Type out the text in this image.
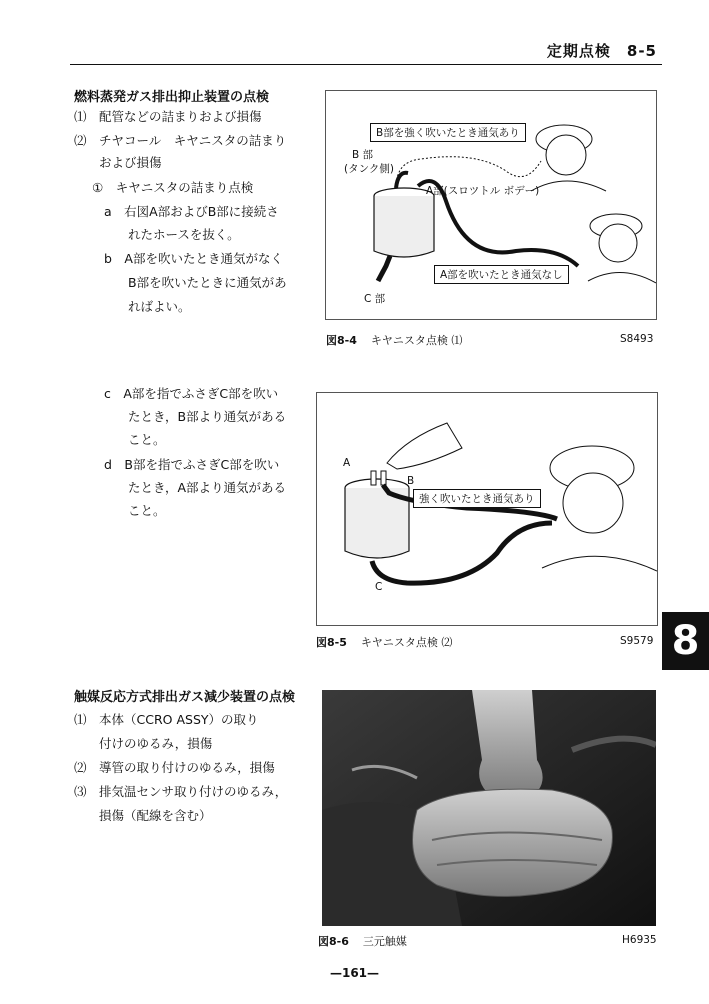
定期点検　8-5
燃料蒸発ガス排出抑止装置の点検
⑴　配管などの詰まりおよび損傷
⑵　チヤコール　キヤニスタの詰まり
　　および損傷
①　キヤニスタの詰まり点検
a　右図A部およびB部に接続さ
れたホースを抜く。
b　A部を吹いたとき通気がなく
B部を吹いたときに通気があ
ればよい。
c　A部を指でふさぎC部を吹い
たとき，B部より通気がある
こと。
d　B部を指でふさぎC部を吹い
たとき，A部より通気がある
こと。
B部を強く吹いたとき通気あり
B 部
(タンク側)
A部(スロツトル ボデー)
A部を吹いたとき通気なし
C 部
図8-4 キヤニスタ点検 ⑴	S8493
A
B
強く吹いたとき通気あり
C
図8-5 キヤニスタ点検 ⑵	S9579 8
触媒反応方式排出ガス減少装置の点検
⑴　本体（CCRO ASSY）の取り
　　付けのゆるみ，損傷
⑵　導管の取り付けのゆるみ，損傷
⑶　排気温センサ取り付けのゆるみ，
　　損傷（配線を含む）
図8-6 三元触媒	H6935
—161—
